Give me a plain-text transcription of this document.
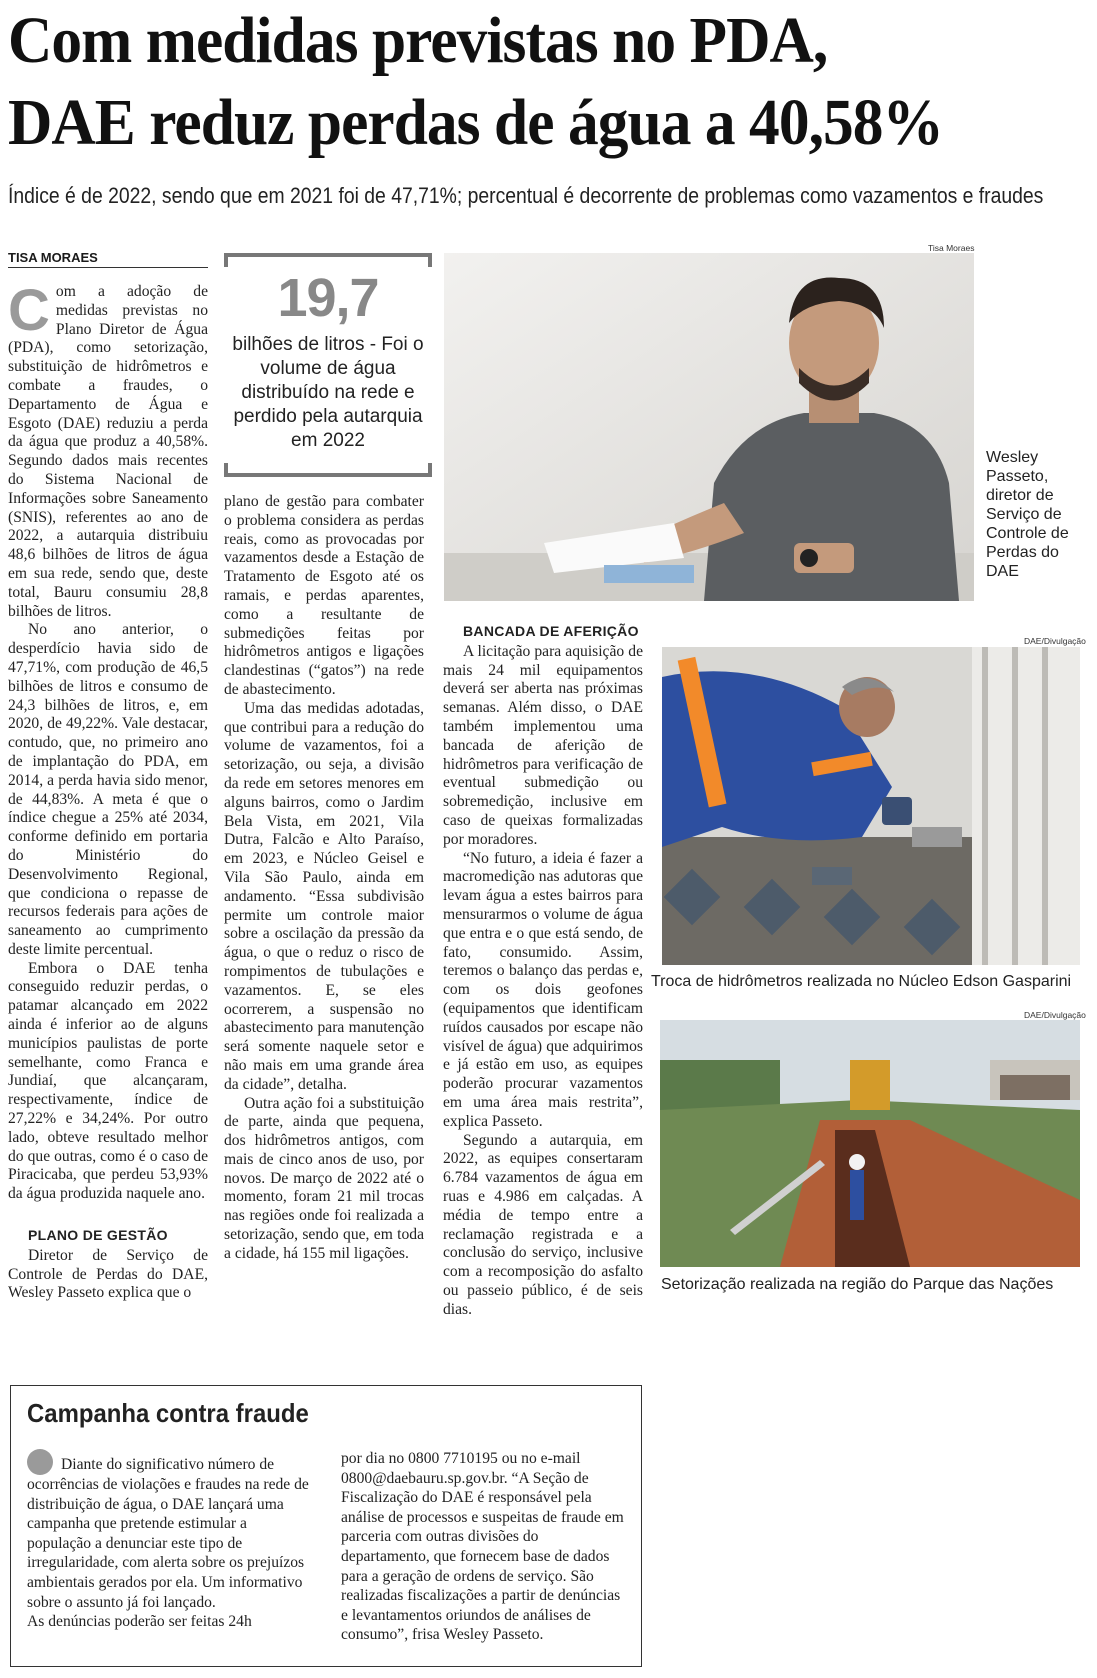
Com medidas previstas no PDA,
DAE reduz perdas de água a 40,58%
Índice é de 2022, sendo que em 2021 foi de 47,71%; percentual é decorrente de problemas como vazamentos e fraudes
TISA MORAES

Com a adoção de medidas previstas no Plano Diretor de Água (PDA), como setorização, substituição de hidrômetros e combate a fraudes, o Departamento de Água e Esgoto (DAE) reduziu a perda da água que produz a 40,58%. Segundo dados mais recentes do Sistema Nacional de Informações sobre Saneamento (SNIS), referentes ao ano de 2022, a autarquia distribuiu 48,6 bilhões de litros de água em sua rede, sendo que, deste total, Bauru consumiu 28,8 bilhões de litros.

No ano anterior, o desperdício havia sido de 47,71%, com produção de 46,5 bilhões de litros e consumo de 24,3 bilhões de litros, e, em 2020, de 49,22%. Vale destacar, contudo, que, no primeiro ano de implantação do PDA, em 2014, a perda havia sido menor, de 44,83%. A meta é que o índice chegue a 25% até 2034, conforme definido em portaria do Ministério do Desenvolvimento Regional, que condiciona o repasse de recursos federais para ações de saneamento ao cumprimento deste limite percentual.

Embora o DAE tenha conseguido reduzir perdas, o patamar alcançado em 2022 ainda é inferior ao de alguns municípios paulistas de porte semelhante, como Franca e Jundiaí, que alcançaram, respectivamente, índice de 27,22% e 34,24%. Por outro lado, obteve resultado melhor do que outras, como é o caso de Piracicaba, que perdeu 53,93% da água produzida naquele ano.

PLANO DE GESTÃO

Diretor de Serviço de Controle de Perdas do DAE, Wesley Passeto explica que o

19,7
bilhões de litros - Foi o volume de água distribuído na rede e perdido pela autarquia em 2022

plano de gestão para combater o problema considera as perdas reais, como as provocadas por vazamentos desde a Estação de Tratamento de Esgoto até os ramais, e perdas aparentes, como a resultante de submedições feitas por hidrômetros antigos e ligações clandestinas (“gatos”) na rede de abastecimento.

Uma das medidas adotadas, que contribui para a redução do volume de vazamentos, foi a setorização, ou seja, a divisão da rede em setores menores em alguns bairros, como o Jardim Bela Vista, em 2021, Vila Dutra, Falcão e Alto Paraíso, em 2023, e Núcleo Geisel e Vila São Paulo, ainda em andamento. “Essa subdivisão permite um controle maior sobre a oscilação da pressão da água, o que o reduz o risco de rompimentos de tubulações e vazamentos. E, se eles ocorrerem, a suspensão no abastecimento para manutenção será somente naquele setor e não mais em uma grande área da cidade”, detalha.

Outra ação foi a substituição de parte, ainda que pequena, dos hidrômetros antigos, com mais de cinco anos de uso, por novos. De março de 2022 até o momento, foram 21 mil trocas nas regiões onde foi realizada a setorização, sendo que, em toda a cidade, há 155 mil ligações.

BANCADA DE AFERIÇÃO

A licitação para aquisição de mais 24 mil equipamentos deverá ser aberta nas próximas semanas. Além disso, o DAE também implementou uma bancada de aferição de hidrômetros para verificação de eventual submedição ou sobremedição, inclusive em caso de queixas formalizadas por moradores.

“No futuro, a ideia é fazer a macromedição nas adutoras que levam água a estes bairros para mensurarmos o volume de água que entra e o que está sendo, de fato, consumido. Assim, teremos o balanço das perdas e, com os dois geofones (equipamentos que identificam ruídos causados por escape não visível de água) que adquirimos e já estão em uso, as equipes poderão procurar vazamentos em uma área mais restrita”, explica Passeto.

Segundo a autarquia, em 2022, as equipes consertaram 6.784 vazamentos de água em ruas e 4.986 em calçadas. A média de tempo entre a reclamação registrada e a conclusão do serviço, inclusive com a recomposição do asfalto ou passeio público, é de seis dias.

Tisa Moraes
Wesley Passeto, diretor de Serviço de Controle de Perdas do DAE
DAE/Divulgação
Troca de hidrômetros realizada no Núcleo Edson Gasparini
DAE/Divulgação
Setorização realizada na região do Parque das Nações
Campanha contra fraude

Diante do significativo número de ocorrências de violações e fraudes na rede de distribuição de água, o DAE lançará uma campanha que pretende estimular a população a denunciar este tipo de irregularidade, com alerta sobre os prejuízos ambientais gerados por ela. Um informativo sobre o assunto já foi lançado.

As denúncias poderão ser feitas 24h

por dia no 0800 7710195 ou no e-mail 0800@daebauru.sp.gov.br. “A Seção de Fiscalização do DAE é responsável pela análise de processos e suspeitas de fraude em parceria com outras divisões do departamento, que fornecem base de dados para a geração de ordens de serviço. São realizadas fiscalizações a partir de denúncias e levantamentos oriundos de análises de consumo”, frisa Wesley Passeto.
